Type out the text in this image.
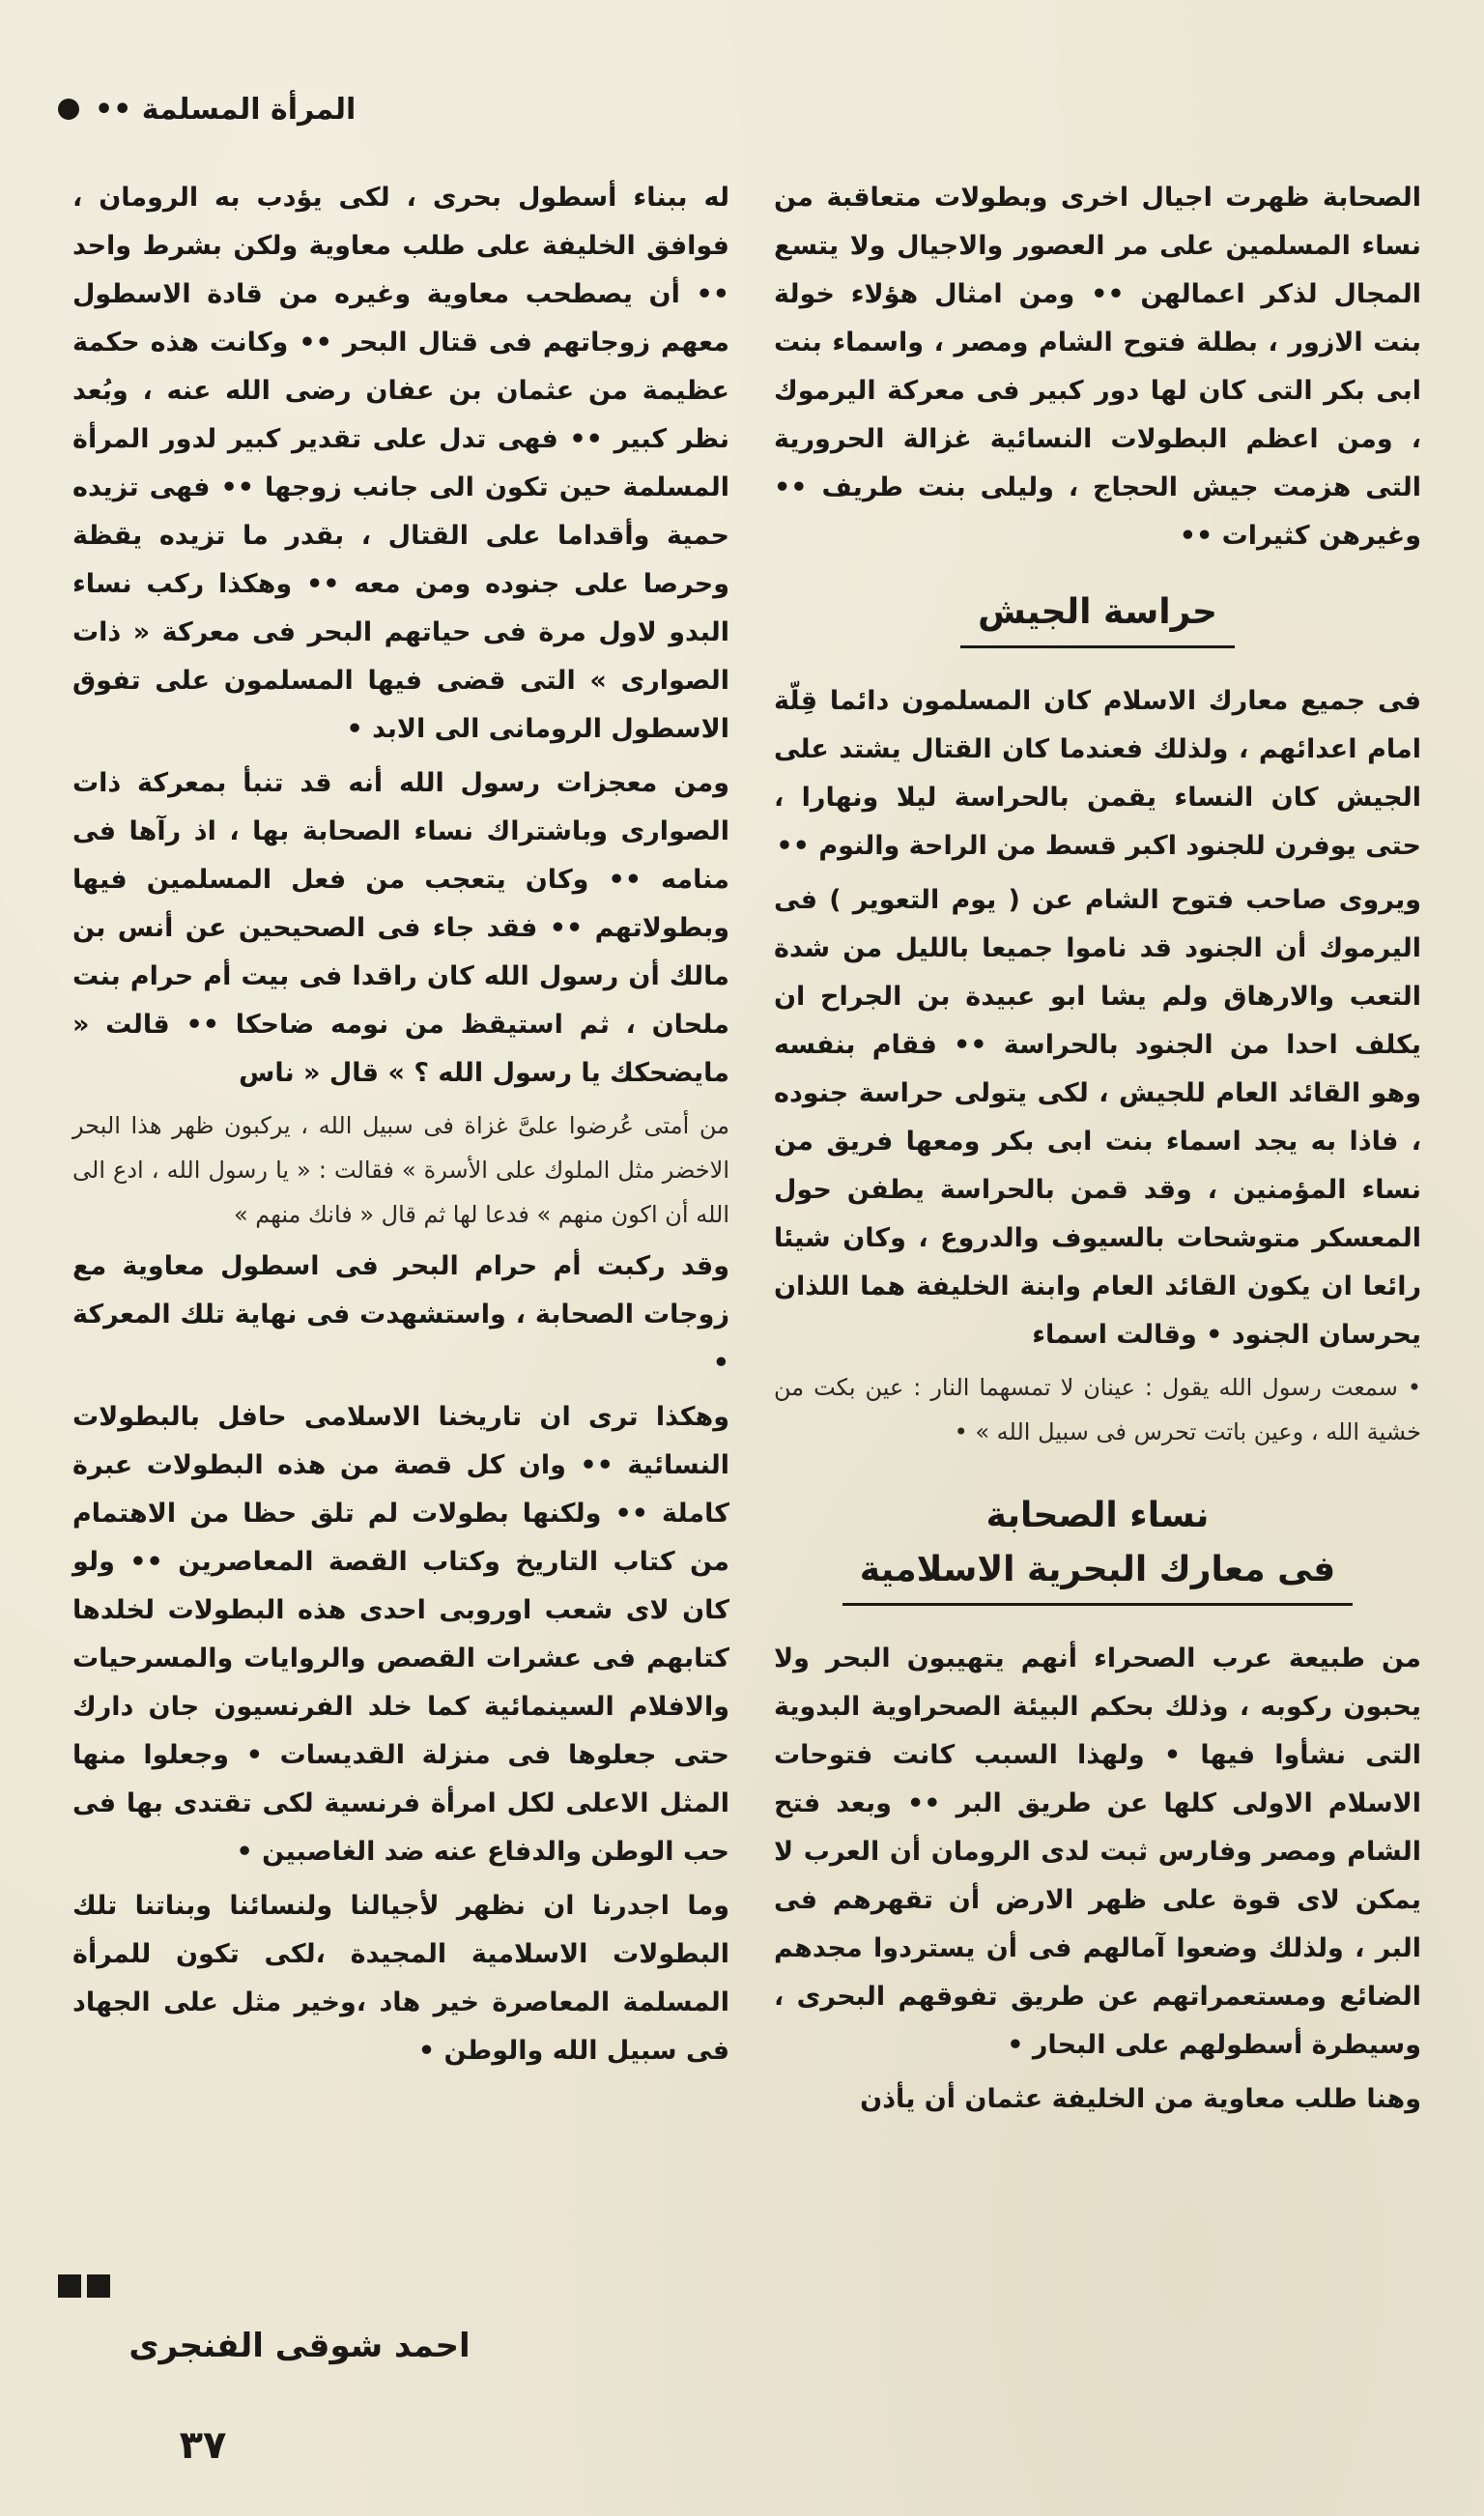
المرأة المسلمة ••

الصحابة ظهرت اجيال اخرى وبطولات متعاقبة من نساء المسلمين على مر العصور والاجيال ولا يتسع المجال لذكر اعمالهن •• ومن امثال هؤلاء خولة بنت الازور ، بطلة فتوح الشام ومصر ، واسماء بنت ابى بكر التى كان لها دور كبير فى معركة اليرموك ، ومن اعظم البطولات النسائية غزالة الحرورية التى هزمت جيش الحجاج ، وليلى بنت طريف •• وغيرهن كثيرات ••

حراسة الجيش

فى جميع معارك الاسلام كان المسلمون دائما قِلّة امام اعدائهم ، ولذلك فعندما كان القتال يشتد على الجيش كان النساء يقمن بالحراسة ليلا ونهارا ، حتى يوفرن للجنود اكبر قسط من الراحة والنوم ••

ويروى صاحب فتوح الشام عن ( يوم التعوير ) فى اليرموك أن الجنود قد ناموا جميعا بالليل من شدة التعب والارهاق ولم يشا ابو عبيدة بن الجراح ان يكلف احدا من الجنود بالحراسة •• فقام بنفسه وهو القائد العام للجيش ، لكى يتولى حراسة جنوده ، فاذا به يجد اسماء بنت ابى بكر ومعها فريق من نساء المؤمنين ، وقد قمن بالحراسة يطفن حول المعسكر متوشحات بالسيوف والدروع ، وكان شيئا رائعا ان يكون القائد العام وابنة الخليفة هما اللذان يحرسان الجنود • وقالت اسماء

• سمعت رسول الله يقول : عينان لا تمسهما النار : عين بكت من خشية الله ، وعين باتت تحرس فى سبيل الله » •

نساء الصحابة
فى معارك البحرية الاسلامية

من طبيعة عرب الصحراء أنهم يتهيبون البحر ولا يحبون ركوبه ، وذلك بحكم البيئة الصحراوية البدوية التى نشأوا فيها • ولهذا السبب كانت فتوحات الاسلام الاولى كلها عن طريق البر •• وبعد فتح الشام ومصر وفارس ثبت لدى الرومان أن العرب لا يمكن لاى قوة على ظهر الارض أن تقهرهم فى البر ، ولذلك وضعوا آمالهم فى أن يستردوا مجدهم الضائع ومستعمراتهم عن طريق تفوقهم البحرى ، وسيطرة أسطولهم على البحار •

وهنا طلب معاوية من الخليفة عثمان أن يأذن

له ببناء أسطول بحرى ، لكى يؤدب به الرومان ، فوافق الخليفة على طلب معاوية ولكن بشرط واحد •• أن يصطحب معاوية وغيره من قادة الاسطول معهم زوجاتهم فى قتال البحر •• وكانت هذه حكمة عظيمة من عثمان بن عفان رضى الله عنه ، وبُعد نظر كبير •• فهى تدل على تقدير كبير لدور المرأة المسلمة حين تكون الى جانب زوجها •• فهى تزيده حمية وأقداما على القتال ، بقدر ما تزيده يقظة وحرصا على جنوده ومن معه •• وهكذا ركب نساء البدو لاول مرة فى حياتهم البحر فى معركة « ذات الصوارى » التى قضى فيها المسلمون على تفوق الاسطول الرومانى الى الابد •

ومن معجزات رسول الله أنه قد تنبأ بمعركة ذات الصوارى وباشتراك نساء الصحابة بها ، اذ رآها فى منامه •• وكان يتعجب من فعل المسلمين فيها وبطولاتهم •• فقد جاء فى الصحيحين عن أنس بن مالك أن رسول الله كان راقدا فى بيت أم حرام بنت ملحان ، ثم استيقظ من نومه ضاحكا •• قالت « مايضحكك يا رسول الله ؟ » قال « ناس

من أمتى عُرضوا علىَّ غزاة فى سبيل الله ، يركبون ظهر هذا البحر الاخضر مثل الملوك على الأسرة » فقالت : « يا رسول الله ، ادع الى الله أن اكون منهم » فدعا لها ثم قال « فانك منهم »

وقد ركبت أم حرام البحر فى اسطول معاوية مع زوجات الصحابة ، واستشهدت فى نهاية تلك المعركة •

وهكذا ترى ان تاريخنا الاسلامى حافل بالبطولات النسائية •• وان كل قصة من هذه البطولات عبرة كاملة •• ولكنها بطولات لم تلق حظا من الاهتمام من كتاب التاريخ وكتاب القصة المعاصرين •• ولو كان لاى شعب اوروبى احدى هذه البطولات لخلدها كتابهم فى عشرات القصص والروايات والمسرحيات والافلام السينمائية كما خلد الفرنسيون جان دارك حتى جعلوها فى منزلة القديسات • وجعلوا منها المثل الاعلى لكل امرأة فرنسية لكى تقتدى بها فى حب الوطن والدفاع عنه ضد الغاصبين •

وما اجدرنا ان نظهر لأجيالنا ولنسائنا وبناتنا تلك البطولات الاسلامية المجيدة ،لكى تكون للمرأة المسلمة المعاصرة خير هاد ،وخير مثل على الجهاد فى سبيل الله والوطن •

احمد شوقى الفنجرى
٣٧
